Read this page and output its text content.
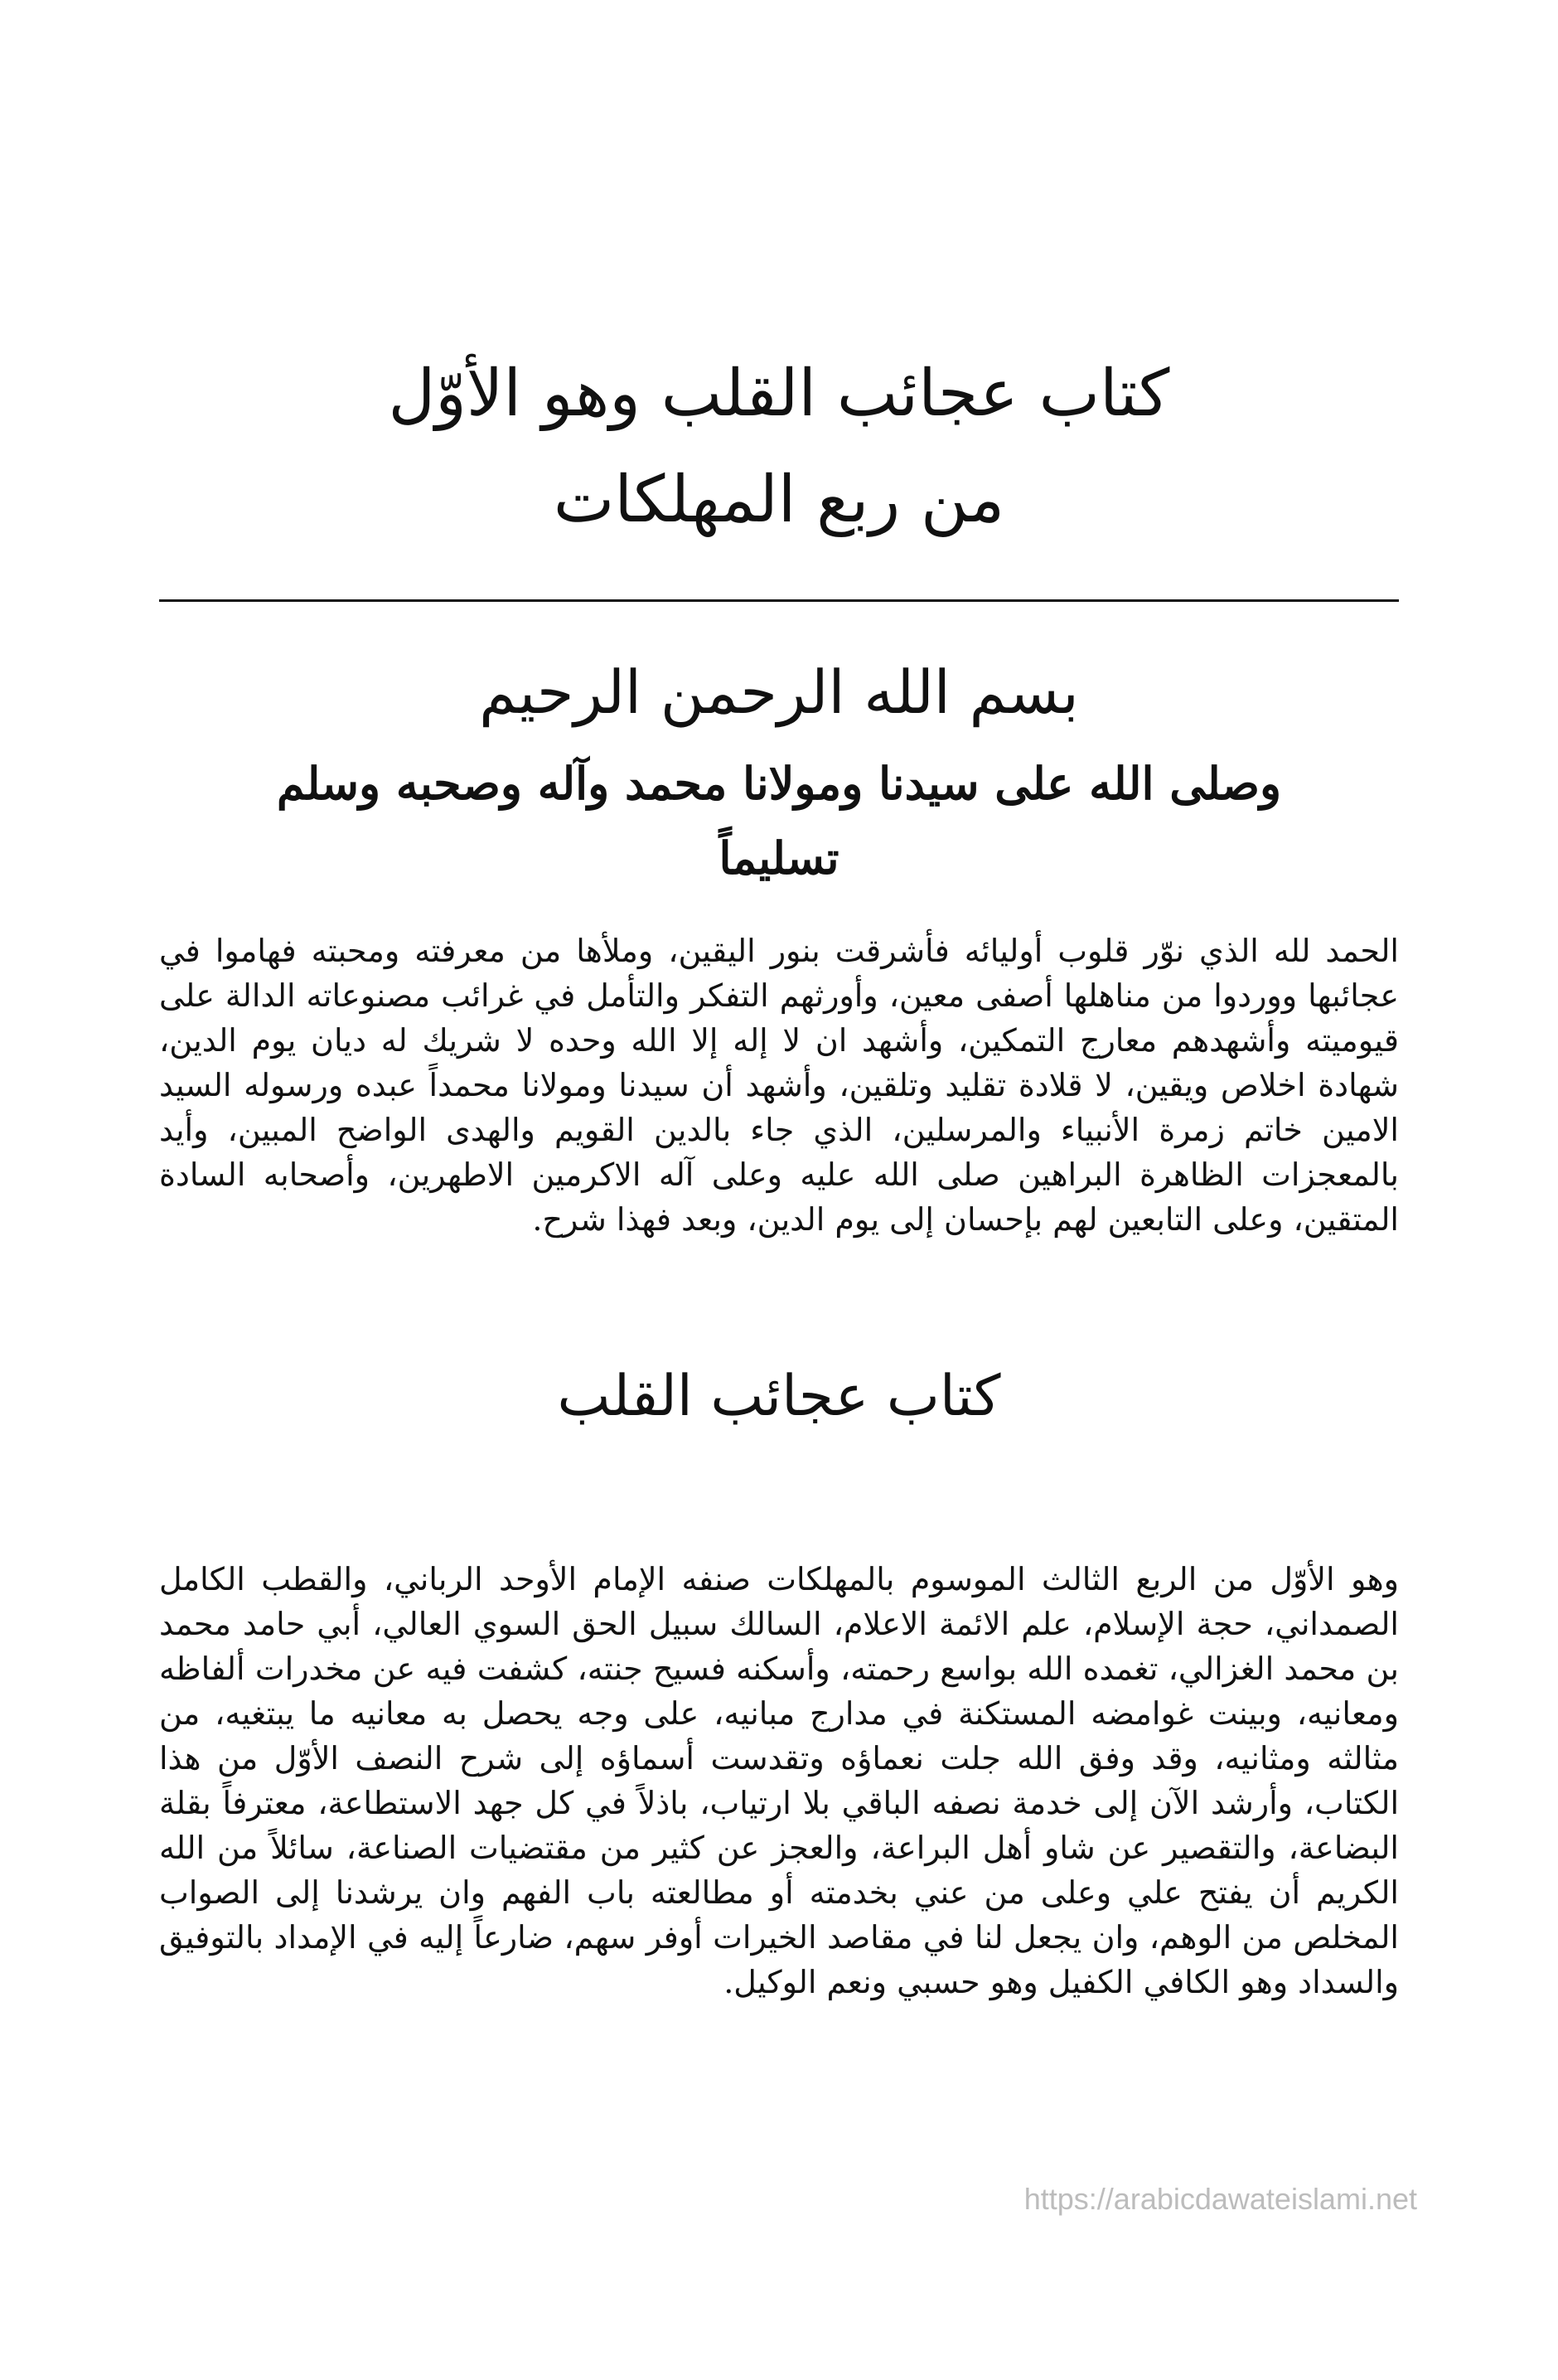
كتاب عجائب القلب وهو الأوّل
من ربع المهلكات
بسم الله الرحمن الرحيم
وصلى الله على سيدنا ومولانا محمد وآله وصحبه وسلم تسليماً

الحمد لله الذي نوّر قلوب أوليائه فأشرقت بنور اليقين، وملأها من معرفته ومحبته فهاموا في عجائبها ووردوا من مناهلها أصفى معين، وأورثهم التفكر والتأمل في غرائب مصنوعاته الدالة على قيوميته وأشهدهم معارج التمكين، وأشهد ان لا إله إلا الله وحده لا شريك له ديان يوم الدين، شهادة اخلاص ويقين، لا قلادة تقليد وتلقين، وأشهد أن سيدنا ومولانا محمداً عبده ورسوله السيد الامين خاتم زمرة الأنبياء والمرسلين، الذي جاء بالدين القويم والهدى الواضح المبين، وأيد بالمعجزات الظاهرة البراهين صلى الله عليه وعلى آله الاكرمين الاطهرين، وأصحابه السادة المتقين، وعلى التابعين لهم بإحسان إلى يوم الدين، وبعد فهذا شرح.

كتاب عجائب القلب

وهو الأوّل من الربع الثالث الموسوم بالمهلكات صنفه الإمام الأوحد الرباني، والقطب الكامل الصمداني، حجة الإسلام، علم الائمة الاعلام، السالك سبيل الحق السوي العالي، أبي حامد محمد بن محمد الغزالي، تغمده الله بواسع رحمته، وأسكنه فسيح جنته، كشفت فيه عن مخدرات ألفاظه ومعانيه، وبينت غوامضه المستكنة في مدارج مبانيه، على وجه يحصل به معانيه ما يبتغيه، من مثالثه ومثانيه، وقد وفق الله جلت نعماؤه وتقدست أسماؤه إلى شرح النصف الأوّل من هذا الكتاب، وأرشد الآن إلى خدمة نصفه الباقي بلا ارتياب، باذلاً في كل جهد الاستطاعة، معترفاً بقلة البضاعة، والتقصير عن شاو أهل البراعة، والعجز عن كثير من مقتضيات الصناعة، سائلاً من الله الكريم أن يفتح علي وعلى من عني بخدمته أو مطالعته باب الفهم وان يرشدنا إلى الصواب المخلص من الوهم، وان يجعل لنا في مقاصد الخيرات أوفر سهم، ضارعاً إليه في الإمداد بالتوفيق والسداد وهو الكافي الكفيل وهو حسبي ونعم الوكيل.

https://arabicdawateislami.net
